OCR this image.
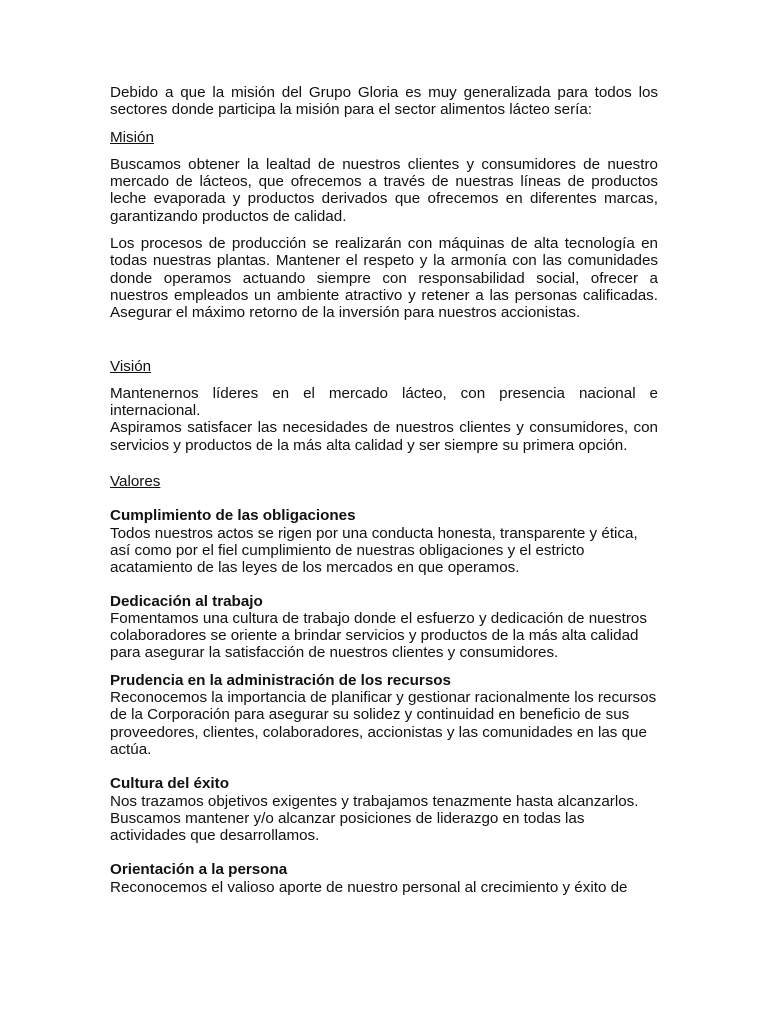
Debido a que la misión del Grupo Gloria es muy generalizada para todos los sectores donde participa la misión para el sector alimentos lácteo sería:

Misión

Buscamos obtener la lealtad de nuestros clientes y consumidores de nuestro mercado de lácteos, que ofrecemos a través de nuestras líneas de productos leche evaporada y productos derivados que ofrecemos en diferentes marcas, garantizando productos de calidad.

Los procesos de producción se realizarán con máquinas de alta tecnología en todas nuestras plantas. Mantener el respeto y la armonía con las comunidades donde operamos actuando siempre con responsabilidad social, ofrecer a nuestros empleados un ambiente atractivo y retener a las personas calificadas. Asegurar el máximo retorno de la inversión para nuestros accionistas.

Visión

Mantenernos líderes en el mercado lácteo, con presencia nacional e internacional.

Aspiramos satisfacer las necesidades de nuestros clientes y consumidores, con servicios y productos de la más alta calidad y ser siempre su primera opción.

Valores

Cumplimiento de las obligaciones

Todos nuestros actos se rigen por una conducta honesta, transparente y ética, así como por el fiel cumplimiento de nuestras obligaciones y el estricto acatamiento de las leyes de los mercados en que operamos.

Dedicación al trabajo

Fomentamos una cultura de trabajo donde el esfuerzo y dedicación de nuestros colaboradores se oriente a brindar servicios y productos de la más alta calidad para asegurar la satisfacción de nuestros clientes y consumidores.

Prudencia en la administración de los recursos

Reconocemos la importancia de planificar y gestionar racionalmente los recursos de la Corporación para asegurar su solidez y continuidad en beneficio de sus proveedores, clientes, colaboradores, accionistas y las comunidades en las que actúa.

Cultura del éxito

Nos trazamos objetivos exigentes y trabajamos tenazmente hasta alcanzarlos. Buscamos mantener y/o alcanzar posiciones de liderazgo en todas las actividades que desarrollamos.

Orientación a la persona

Reconocemos el valioso aporte de nuestro personal al crecimiento y éxito de
